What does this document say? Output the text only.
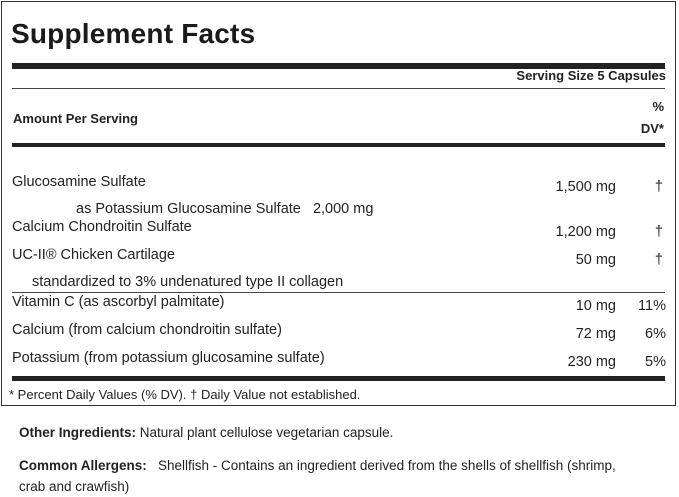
Supplement Facts
Serving Size 5 Capsules
Amount Per Serving
%
DV*
Glucosamine Sulfate	1,500 mg	†
as Potassium Glucosamine Sulfate   2,000 mg
Calcium Chondroitin Sulfate	1,200 mg	†
UC-II® Chicken Cartilage	50 mg	†
standardized to 3% undenatured type II collagen
Vitamin C (as ascorbyl palmitate)	10 mg 11%
Calcium (from calcium chondroitin sulfate)	72 mg 6%
Potassium (from potassium glucosamine sulfate)	230 mg 5%
* Percent Daily Values (% DV). † Daily Value not established.
Other Ingredients: Natural plant cellulose vegetarian capsule.
Common Allergens:   Shellfish - Contains an ingredient derived from the shells of shellfish (shrimp,
crab and crawfish)
